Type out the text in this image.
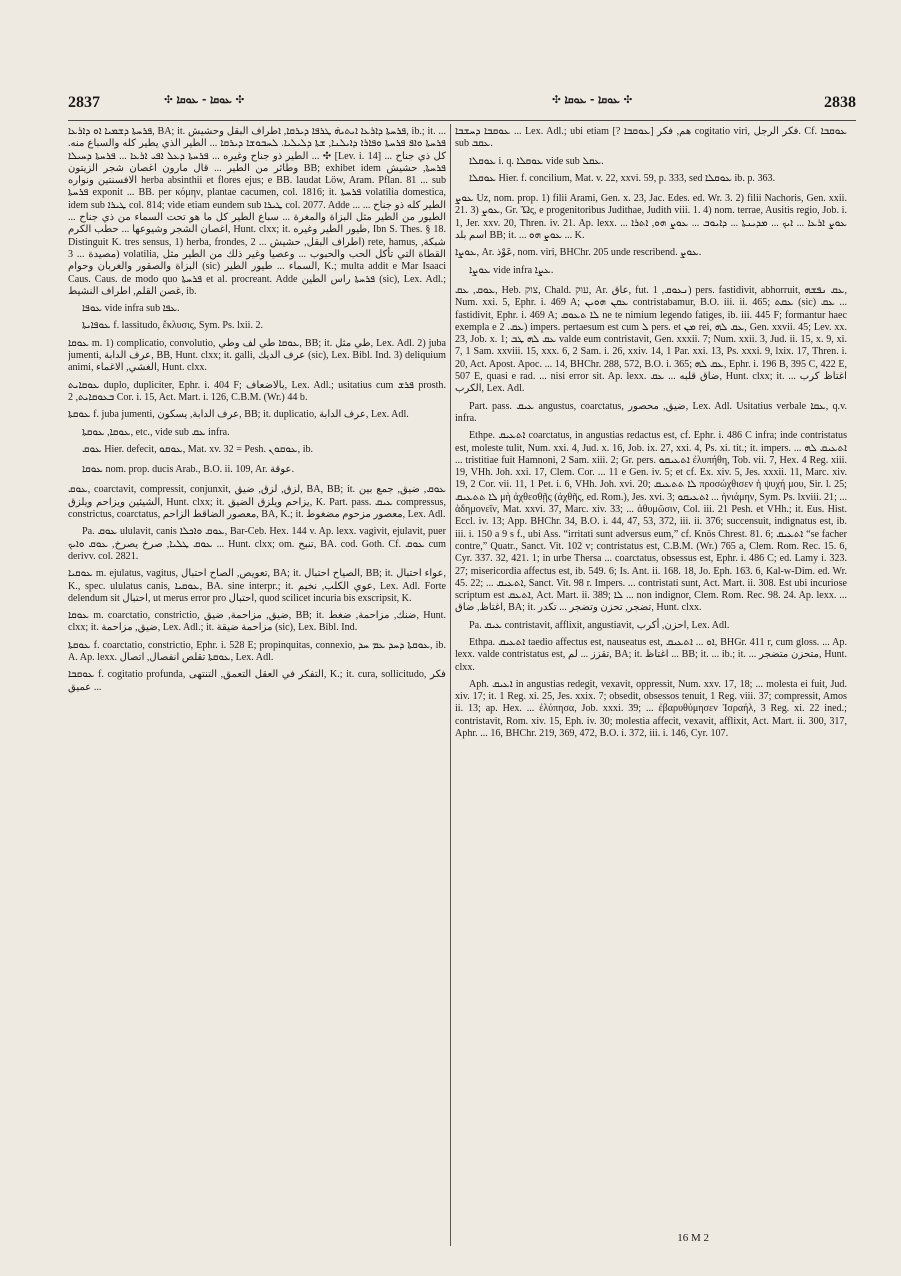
2837	✣ ܥܘܩܐ - ܥܘܩܐ ✣	✣ ܥܘܩܐ - ܥܘܩܐ ✣	2838

ܦܪܚܬܐ ܕܫܡܝܐ ܐܘ ܕܐܪܥܐ, BA; it. ܦܪܚܬܐ ܕܐܪܥܐ ܐܝܬܝܗ̇ ܛܪܦܐ ܕܝܪܩܐ, ܐﻃﺮﺍﻑ ﺍﻟﺒﻘﻞ ﻭﺣﺸﻴﺶ, ib.; it. ... ܦܪܚܬܐ ܘܐܦ ܦܪܚܬܐ ܘܦܐܪܐ ܕܐܝܠܢܐ, ܫܬܐ ܕܠܝܠܝܐ. ܠܚܒܘܫܐ ܕܝܪܩܐ ... ﺍﻟﻄﻴﺮ ﺍﻟﺬﻱ ﻳﻄﻴﺮ ﻛﻠﻪ ﻭﺍﻟﺴﺒﺎﻉ ﻣﻨﻪ. ﺍﻟﻄﻴﺮ ﺫﻭ ﺟﻨﺎﺡ ﻭﻏﻴﺮﻩ ... ܦܪܚܬܐ ܕܥܠ ܐܦܝ ܐܪܥܐ ... ܦܪܚܬܐ ܕܚܝܠܐ ... ✣ [Lev. i. 14] ... ﻛﻞ ﺫﻱ ﺟﻨﺎﺡ ﻭﻃﺎﺋﺮ ﻣﻦ ﺍﻟﻄﻴﺮ ... ﻗﺎﻝ ﻣﺎﺭﻭﻥ ﺍﻏﺼﺎﻥ ﺷﺠﺮ ﺍﻟﺰﻳﺘﻮﻥ BB; exhibet idem ܦܪܚܬܐ, ﺣﺸﻴﺶ ﺍﻻﻓﺴﻨﺘﻴﻦ ﻭﻧﻮﺍﺭﻩ herba absinthii et flores ejus; e BB. laudat Löw, Aram. Pflan. 81 ... sub ܦܪܚܬܐ exponit ... BB. per κόμην, plantae cacumen, col. 1816; it. ܦܪܚܬܐ volatilia domestica, idem sub ܛܝܪܐ col. 814; vide etiam eundem sub ܛܝܪܐ col. 2077. Adde ... ﺍﻟﻄﻴﺮ ﻛﻠﻪ ﺫﻭ ﺟﻨﺎﺡ ... ﺍﻟﻄﻴﻮﺭ ﻣﻦ ﺍﻟﻄﻴﺮ ﻣﺜﻞ ﺍﻟﺒﺰﺍﺓ ﻭﺍﻟﻤﻐﺮﺓ ... ﺳﺒﺎﻉ ﺍﻟﻄﻴﺮ ﻛﻞ ﻣﺎ ﻫﻮ ﺗﺤﺖ ﺍﻟﺴﻤﺎﺀ ﻣﻦ ﺫﻱ ﺟﻨﺎﺡ ... ﺍﻏﺼﺎﻥ ﺍﻟﺸﺠﺮ ﻭﺷﻴﻮﻋﻬﺎ ... ﺣﻄﺐ ﺍﻟﻜﺮﻡ, Hunt. clxx; it. ﻃﻴﻮﺭ ﺍﻟﻄﻴﺮ ﻭﻏﻴﺮﻩ, Ibn S. Thes. § 18. Distinguit K. tres sensus, 1) herba, frondes, ﺍﻃﺮﺍﻑ ﺍﻟﺒﻘﻞ, ﺣﺸﻴﺶ ... 2) rete, hamus, ﺷﺒﻜﺔ, ﻣﺼﻴﺪﺓ ... 3) volatilia, ﺍﻟﻘﻄﺎﺓ ﺍﻟﺘﻲ ﺗﺄﻛﻞ ﺍﻟﺤﺐ ﻭﺍﻟﺤﺒﻮﺏ ... ﻭﻋﺼﻴﺎ ﻭﻏﻴﺮ ﺫﻟﻚ ﻣﻦ ﺍﻟﻄﻴﺮ ﻣﺜﻞ ﺍﻟﺒﺰﺍﺓ ﻭﺍﻟﺼﻘﻮﺭ ﻭﺍﻟﻐﺮﺑﺎﻥ ﻭﺣﻮﺍﻡ (sic) ﺍﻟﺴﻤﺎﺀ ... ﻃﻴﻮﺭ ﺍﻟﻄﻴﺮ, K.; multa addit e Mar Isaaci Caus. Caus. de modo quo ܦܪܚܬܐ et al. procreant. Adde ܦܪܚܬܐ ﺭﺍﺱ ﺍﻟﻄﻴﻦ (sic), Lex. Adl.; ﻏﺼﻦ ﺍﻟﻘﻠﻢ, ﺍﻃﺮﺍﻑ ﺍﻟﻨﺸﻴﻂ, ib.

ܥܘܦܐ vide infra sub ܥܦܐ.

ܥܘܦܐܝܬܐ f. lassitudo, ἔκλυσις, Sym. Ps. lxii. 2.

ܥܘܩܐ m. 1) complicatio, convolutio, ܥܘܩܐ ﻃﻲ ﻟﻒ ﻭﻃﻲ, BB; it. ﻃﻲ ﻣﺜﻞ, Lex. Adl. 2) juba jumenti, ﻋﺮﻑ ﺍﻟﺪﺍﺑﺔ, BB, Hunt. clxx; it. galli, ﻋﺮﻑ ﺍﻟﺪﻳﻚ (sic), Lex. Bibl. Ind. 3) deliquium animi, ﺍﻟﻐﺸﻲ, ﺍﻻﻏﻤﺎﺀ, Hunt. clxx.

ܥܘܩܐܝܬ duplo, dupliciter, Ephr. i. 404 F; ﺑﺎﻻﺿﻌﺎﻑ, Lex. Adl.; usitatius cum ܦܪܫ prosth. ܒܥܘܩܐܝܬ, 2 Cor. i. 15, Act. Mart. i. 126, C.B.M. (Wr.) 44 b.

ܥܘܩܬܐ f. juba jumenti, ﻋﺮﻑ ﺍﻟﺪﺍﺑﺔ, ﻳﺴﻜﻮﻥ, BB; it. duplicatio, ﻋﺮﻑ ﺍﻟﺪﺍﺑﺔ, Lex. Adl.

ܥܘܩܐ, ܥܘܩܬܐ, etc., vide sub ܥܩ infra.

ܥܘܩ Hier. defecit, ܥܘܩܘ, Mat. xv. 32 = Pesh. ܥܘܩܘܢ, ib.

ܥܘܩܐ nom. prop. ducis Arab., B.O. ii. 109, Ar. ﻋﻮﻗﺔ.

ܥܘܩ, coarctavit, compressit, conjunxit, ﻟﺰﻕ, ﻟﺰﻕ, ﺿﻴﻖ, BA, BB; it. ܥܘܩ, ﺿﻴﻖ, ﺟﻤﻊ ﺑﻴﻦ ﺍﻟﺸﻴﺌﻴﻦ ﻭﻳﺰﺍﺣﻢ ﻭﻳﻠﺰﻕ, Hunt. clxx; it. ﻳﺰﺍﺣﻢ ﻭﻳﻠﺰﻕ ﺍﻟﻀﻴﻖ, K. Part. pass. ܥܝܩ compressus, constrictus, coarctatus, ﻣﻌﺼﻮﺭ ﺍﻟﻀﺎﻗﻂ ﺍﻟﺰﺍﺣﻢ, BA, K.; it. ﻣﻌﺼﻮﺭ ﻣﺰﺣﻮﻡ ﻣﻀﻐﻮﻁ, Lex. Adl.

Pa. ܥܘܩ ululavit, canis ܥܘܩ ܘܐܟܠܐ, Bar-Ceb. Hex. 144 v. Ap. lexx. vagivit, ejulavit, puer ܥܘܩ ܛܠܝܐ, ﺻﺮﺥ ﻳﺼﺮﺥ, ܥܘܩ ܘܐܝܟ ... Hunt. clxx; om. ﺗﻨﺒﺢ, BA. cod. Goth. Cf. ܥܘܩ cum derivv. col. 2821.

ܥܘܩܝܐ m. ejulatus, vagitus, ﺗﻌﻮﻳﺺ, ﺍﻟﺼﺎﺡ ﺍﺣﺘﺒﺎﻝ, BA; it. ﺍﻟﺼﻴﺎﺡ ﺍﺣﺘﺒﺎﻝ, BB; it. ﻋﻮﺍﺀ ﺍﺣﺘﺒﺎﻝ, K., spec. ululatus canis, ܥܘܩܝܐ, BA. sine interpr.; it. ﻋﻮﻱ ﺍﻟﻜﻠﺐ, ﻧﺨﻴﻢ, Lex. Adl. Forte delendum sit ﺍﺣﺘﺒﺎﻝ, ut merus error pro ﺍﺣﺘﺒﺎﻝ, quod scilicet incuria bis exscripsit, K.

ܥܘܩܐ m. coarctatio, constrictio, ﺿﻴﻖ, ﻣﺰﺍﺣﻤﺔ, ﺿﻴﻖ, BB; it. ﺿﻨﻚ, ﻣﺰﺍﺣﻤﺔ, ﺿﻐﻂ, Hunt. clxx; it. ﺿﻴﻖ, ﻣﺰﺍﺣﻤﺔ, Lex. Adl.; it. ﻣﺰﺍﺣﻤﺔ ﺿﻴﻘﺔ (sic), Lex. Bibl. Ind.

ܥܘܩܬܐ f. coarctatio, constrictio, Ephr. i. 528 E; propinquitas, connexio, ܥܘܩܬܐ ܕܚܕ ܥܡ ܚܕ, ib. A. Ap. lexx. ܥܘܩܬܐ ﺗﻘﻠﺺ ﺍﻧﻔﺼﺎﻝ, ﺍﺗﺼﺎﻝ, Lex. Adl.

ܥܘܩܒܐ f. cogitatio profunda, ﺍﻟﺘﻔﻜﺮ ﻓﻲ ﺍﻟﻌﻘﻞ ﺍﻟﺘﻌﻤﻖ, ﺍﻟﺘﻨﺘﻬﻰ, K.; it. cura, sollicitudo, ﻓﻜﺮ ﻋﻤﻴﻖ ...

ܥܘܩܒܐ ܕܚܫܒܐ ... Lex. Adl.; ubi etiam [? ܥܘܩܒܐ] ﻫﻢ, ﻓﻜﺮ cogitatio viri, ﻓﻜﺮ ﺍﻟﺮﺟﻞ. Cf. ܥܘܩܒܐ sub ܥܩܒ.

ܥܘܩܠܐ i. q. ܥܘܩܠܐ vide sub ܥܩܠ.

ܥܘܩܠܐ Hier. f. concilium, Mat. v. 22, xxvi. 59, p. 333, sed ܥܘܩܠܐ ib. p. 363.

ܥܘܨ Uz, nom. prop. 1) filii Arami, Gen. x. 23, Jac. Edes. ed. Wr. 3. 2) filii Nachoris, Gen. xxii. 21. 3) ܥܘܨ, Gr. Ὤς, e progenitoribus Judithae, Judith viii. 1. 4) nom. terrae, Ausitis regio, Job. i. 1, Jer. xxv. 20, Thren. iv. 21. Ap. lexx. ܥܘܨ ܐܪܥܐ ... ܐܝܟ ... ܡܕܝܢܬܐ ... ܕܐܝܘܒ ... ܥܘܨ ܗܘ, ܐܬܪܐ ... ﺍﺳﻢ ﺑﻠﺪ BB; it. ... ܥܘܨ ܗܘ ... K.

ܥܘܨܐ, Ar. ﻋَﻮْﺫ, nom. viri, BHChr. 205 unde rescribend. ܥܘܨ.

ܥܘܨܐ vide infra ܥܨܐ.

ܥܘܩ, ܥܩ, Heb. צוק, Chald. עוּק, Ar. ﻋﺎﻕ, fut. ܢܥܘܩ, 1) pers. fastidivit, abhorruit, ܥܩ ܢܦܫܗ, Num. xxi. 5, Ephr. i. 469 A; ܥܩܢ ܗܘܝܢ contristabamur, B.O. iii. ii. 465; ܥܩܬ (sic) ܥܩ ... fastidivit, Ephr. i. 469 A; ܠܐ ܬܥܘܩ ne te nimium legendo fatiges, ib. iii. 445 F; formantur haec exempla e ܥܩ. 2) impers. pertaesum est cum ܠ pers. et ܡܢ rei, ܥܩ ܠܗ, Gen. xxvii. 45; Lev. xx. 23, Job. x. 1; ܥܩ ܠܗ ܛܒ valde eum contristavit, Gen. xxxii. 7; Num. xxii. 3, Jud. ii. 15, x. 9, xi. 7, 1 Sam. xxviii. 15, xxx. 6, 2 Sam. i. 26, xxiv. 14, 1 Par. xxi. 13, Ps. xxxi. 9, lxix. 17, Thren. i. 20, Act. Apost. Apoc. ... 14, BHChr. 288, 572, B.O. i. 365; ܥܩ ܠܗ, Ephr. i. 196 B, 395 C, 422 E, 507 E, quasi e rad. ... nisi error sit. Ap. lexx. ﺿﺎﻕ ﻗﻠﺒﻪ ... ܥܩ, Hunt. clxx; it. ﺍﻏﺘﺎﻅ ﻛﺮﺏ ... ﺍﻟﻜﺮﺏ, Lex. Adl.

Part. pass. ܥܝܩ angustus, coarctatus, ﺿﻴﻖ, ﻣﺤﺼﻮﺭ, Lex. Adl. Usitatius verbale ܥܩܐ, q.v. infra.

Ethpe. ܐܬܥܝܩ coarctatus, in angustias redactus est, cf. Ephr. i. 486 C infra; inde contristatus est, moleste tulit, Num. xxi. 4, Jud. x. 16, Job. ix. 27, xxi. 4, Ps. xi. tit.; it. impers. ... ܐܬܥܝܩ ܠܗ ... tristitiae fuit Hamnoni, 2 Sam. xiii. 2; Gr. pers. ܐܬܥܝܩܘ ἐλυπήθη, Tob. vii. 7, Hex. 4 Reg. xiii. 19, VHh. Joh. xxi. 17, Clem. Cor. ... 11 e Gen. iv. 5; et cf. Ex. xiv. 5, Jes. xxxii. 11, Marc. xiv. 19, 2 Cor. vii. 11, 1 Pet. i. 6, VHh. Joh. xvi. 20; ܠܐ ܬܬܥܝܩ προσώχθισεν ἡ ψυχή μου, Sir. l. 25; ܠܐ ܬܬܥܝܩ μὴ ἀχθεσθῇς (ἀχθῆς, ed. Rom.), Jes. xvi. 3; ܐܬܥܝܩܘ ... ἠνιάμην, Sym. Ps. lxviii. 21; ... ἀδημονεῖν, Mat. xxvi. 37, Marc. xiv. 33; ... ἀθυμῶσιν, Col. iii. 21 Pesh. et VHh.; it. Eus. Hist. Eccl. iv. 13; App. BHChr. 34, B.O. i. 44, 47, 53, 372, iii. ii. 376; succensuit, indignatus est, ib. iii. i. 150 a 9 s f., ubi Ass. “irritati sunt adversus eum,” cf. Knös Chrest. 81. 6; ܐܬܥܝܩ “se facher contre,” Quatr., Sanct. Vit. 102 v; contristatus est, C.B.M. (Wr.) 765 a, Clem. Rom. Rec. 15. 6, Cyr. 337. 32, 421. 1; in urbe Thersa ... coarctatus, obsessus est, Ephr. i. 486 C; ed. Lamy i. 323. 27; misericordia affectus est, ib. 549. 6; Is. Ant. ii. 168. 18, Jo. Eph. 163. 6, Kal-w-Dim. ed. Wr. 45. 22; ... ܐܬܥܝܩ, Sanct. Vit. 98 r. Impers. ... contristati sunt, Act. Mart. ii. 308. Est ubi incuriose scriptum est ܐܬܥܩ, Act. Mart. ii. 389; ܠܐ ... non indignor, Clem. Rom. Rec. 98. 24. Ap. lexx. ... ﺍﻏﺘﺎﻅ, ﺿﺎﻕ, BA; it. ﺗﻀﺠﺮ, ﺗﺤﺰﻥ ﻭﺗﻀﺠﺮ ... ﺗﻜﺪﺭ, Hunt. clxx.

Pa. ܥܝܩ contristavit, afflixit, angustiavit, ﺍﺣﺰﻥ, ﺃﻛﺮﺏ, Lex. Adl.

Ethpa. ܐܬܥܝܩ taedio affectus est, nauseatus est, ܐܘ ... ܐܬܥܝܩ, BHGr. 411 r, cum gloss. ... Ap. lexx. valde contristatus est, ﺗﻘﺰﺯ ... ﻟﻢ, BA; it. ﺍﻏﺘﺎﻅ ... BB; it. ... ib.; it. ... ﻣﺘﺤﺰﻥ ﻣﺘﻀﺠﺮ, Hunt. clxx.

Aph. ܐܥܝܩ in angustias redegit, vexavit, oppressit, Num. xxv. 17, 18; ... molesta ei fuit, Jud. xiv. 17; it. 1 Reg. xi. 25, Jes. xxix. 7; obsedit, obsessos tenuit, 1 Reg. viii. 37; compressit, Amos ii. 13; ap. Hex. ... ἐλύπησα, Job. xxxi. 39; ... ἐβαρυθύμησεν Ἰσραήλ, 3 Reg. xi. 22 ined.; contristavit, Rom. xiv. 15, Eph. iv. 30; molestia affecit, vexavit, afflixit, Act. Mart. ii. 300, 317, Aphr. ... 16, BHChr. 219, 369, 472, B.O. i. 372, iii. i. 146, Cyr. 107.

16 M 2
